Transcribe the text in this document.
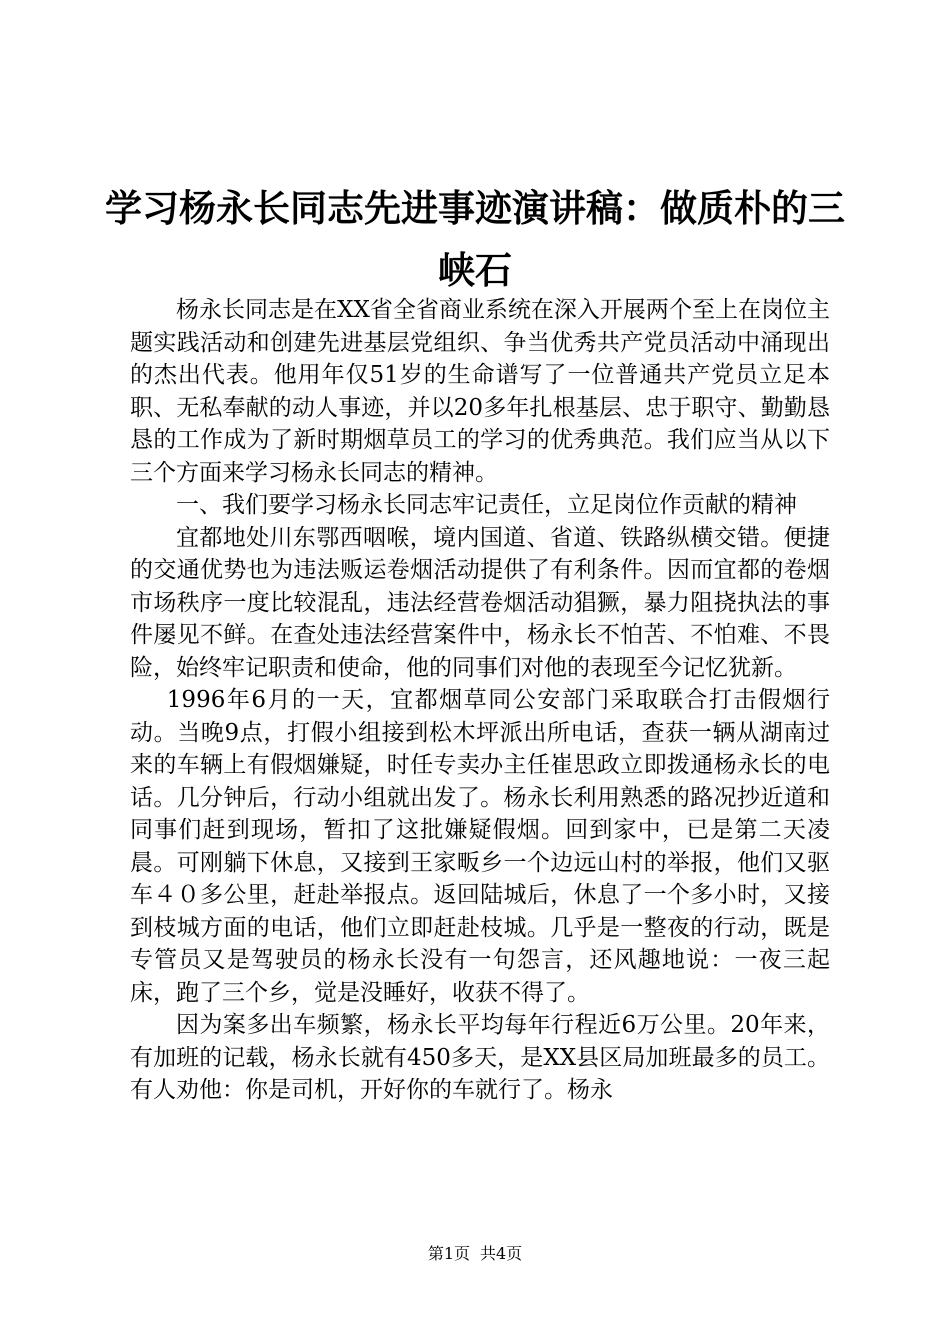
学习杨永长同志先进事迹演讲稿：做质朴的三峡石

杨永长同志是在XX省全省商业系统在深入开展两个至上在岗位主题实践活动和创建先进基层党组织、争当优秀共产党员活动中涌现出的杰出代表。他用年仅51岁的生命谱写了一位普通共产党员立足本职、无私奉献的动人事迹，并以20多年扎根基层、忠于职守、勤勤恳恳的工作成为了新时期烟草员工的学习的优秀典范。我们应当从以下三个方面来学习杨永长同志的精神。

一、我们要学习杨永长同志牢记责任，立足岗位作贡献的精神

宜都地处川东鄂西咽喉，境内国道、省道、铁路纵横交错。便捷的交通优势也为违法贩运卷烟活动提供了有利条件。因而宜都的卷烟市场秩序一度比较混乱，违法经营卷烟活动猖獗，暴力阻挠执法的事件屡见不鲜。在查处违法经营案件中，杨永长不怕苦、不怕难、不畏险，始终牢记职责和使命，他的同事们对他的表现至今记忆犹新。

1996年6月的一天，宜都烟草同公安部门采取联合打击假烟行动。当晚9点，打假小组接到松木坪派出所电话，查获一辆从湖南过来的车辆上有假烟嫌疑，时任专卖办主任崔思政立即拨通杨永长的电话。几分钟后，行动小组就出发了。杨永长利用熟悉的路况抄近道和同事们赶到现场，暂扣了这批嫌疑假烟。回到家中，已是第二天凌晨。可刚躺下休息，又接到王家畈乡一个边远山村的举报，他们又驱车４０多公里，赶赴举报点。返回陆城后，休息了一个多小时，又接到枝城方面的电话，他们立即赶赴枝城。几乎是一整夜的行动，既是专管员又是驾驶员的杨永长没有一句怨言，还风趣地说：一夜三起床，跑了三个乡，觉是没睡好，收获不得了。

因为案多出车频繁，杨永长平均每年行程近6万公里。20年来，有加班的记载，杨永长就有450多天，是XX县区局加班最多的员工。有人劝他：你是司机，开好你的车就行了。杨永

第1页 共4页
